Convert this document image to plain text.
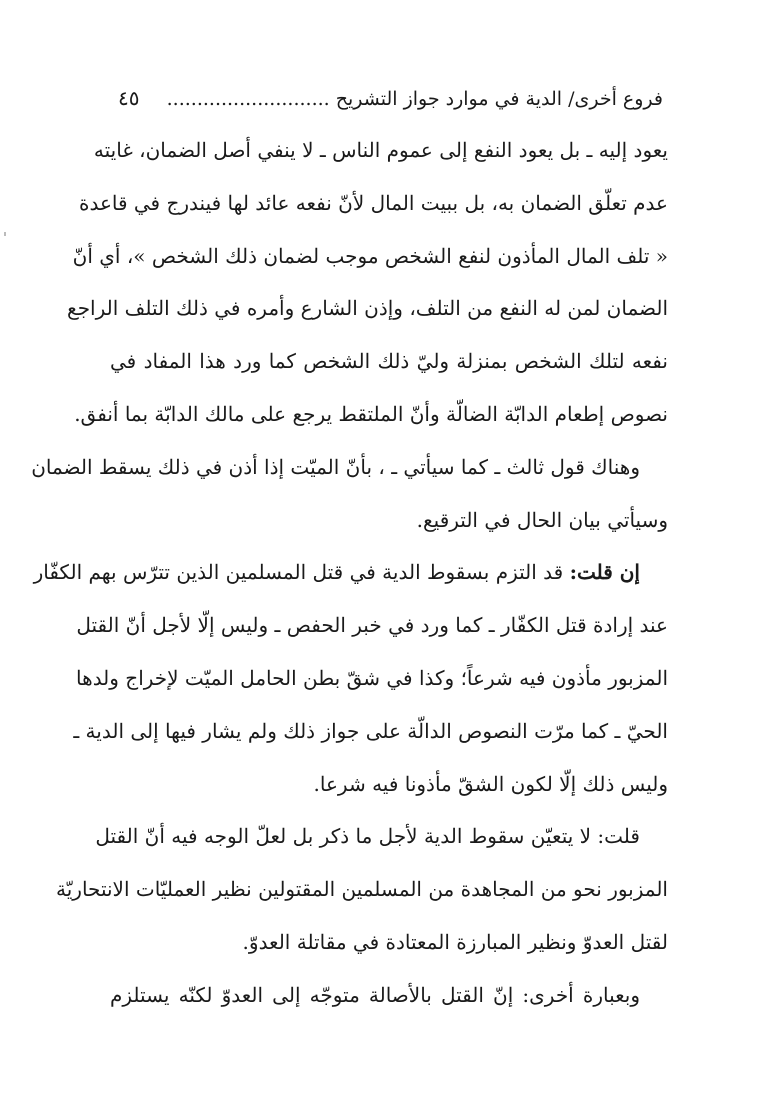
فروع أخرى/ الدية في موارد جواز التشريح ...........................
٤٥
يعود إليه ـ بل يعود النفع إلى عموم الناس ـ لا ينفي أصل الضمان، غايته
عدم تعلّق الضمان به، بل ببيت المال لأنّ نفعه عائد لها فيندرج في قاعدة
« تلف المال المأذون لنفع الشخص موجب لضمان ذلك الشخص »، أي أنّ
الضمان لمن له النفع من التلف، وإذن الشارع وأمره في ذلك التلف الراجع
نفعه لتلك الشخص بمنزلة وليّ ذلك الشخص كما ورد هذا المفاد في
نصوص إطعام الدابّة الضالّة وأنّ الملتقط يرجع على مالك الدابّة بما أنفق.
وهناك قول ثالث ـ كما سيأتي ـ ، بأنّ الميّت إذا أذن في ذلك يسقط الضمان
وسيأتي بيان الحال في الترقيع.
إن قلت: قد التزم بسقوط الدية في قتل المسلمين الذين تترّس بهم الكفّار
عند إرادة قتل الكفّار ـ كما ورد في خبر الحفص ـ وليس إلّا لأجل أنّ القتل
المزبور مأذون فيه شرعاً؛ وكذا في شقّ بطن الحامل الميّت لإخراج ولدها
الحيّ ـ كما مرّت النصوص الدالّة على جواز ذلك ولم يشار فيها إلى الدية ـ
وليس ذلك إلّا لكون الشقّ مأذونا فيه شرعا.
قلت: لا يتعيّن سقوط الدية لأجل ما ذكر بل لعلّ الوجه فيه أنّ القتل
المزبور نحو من المجاهدة من المسلمين المقتولين نظير العمليّات الانتحاريّة
لقتل العدوّ ونظير المبارزة المعتادة في مقاتلة العدوّ.
وبعبارة أخرى: إنّ القتل بالأصالة متوجّه إلى العدوّ لكنّه يستلزم
